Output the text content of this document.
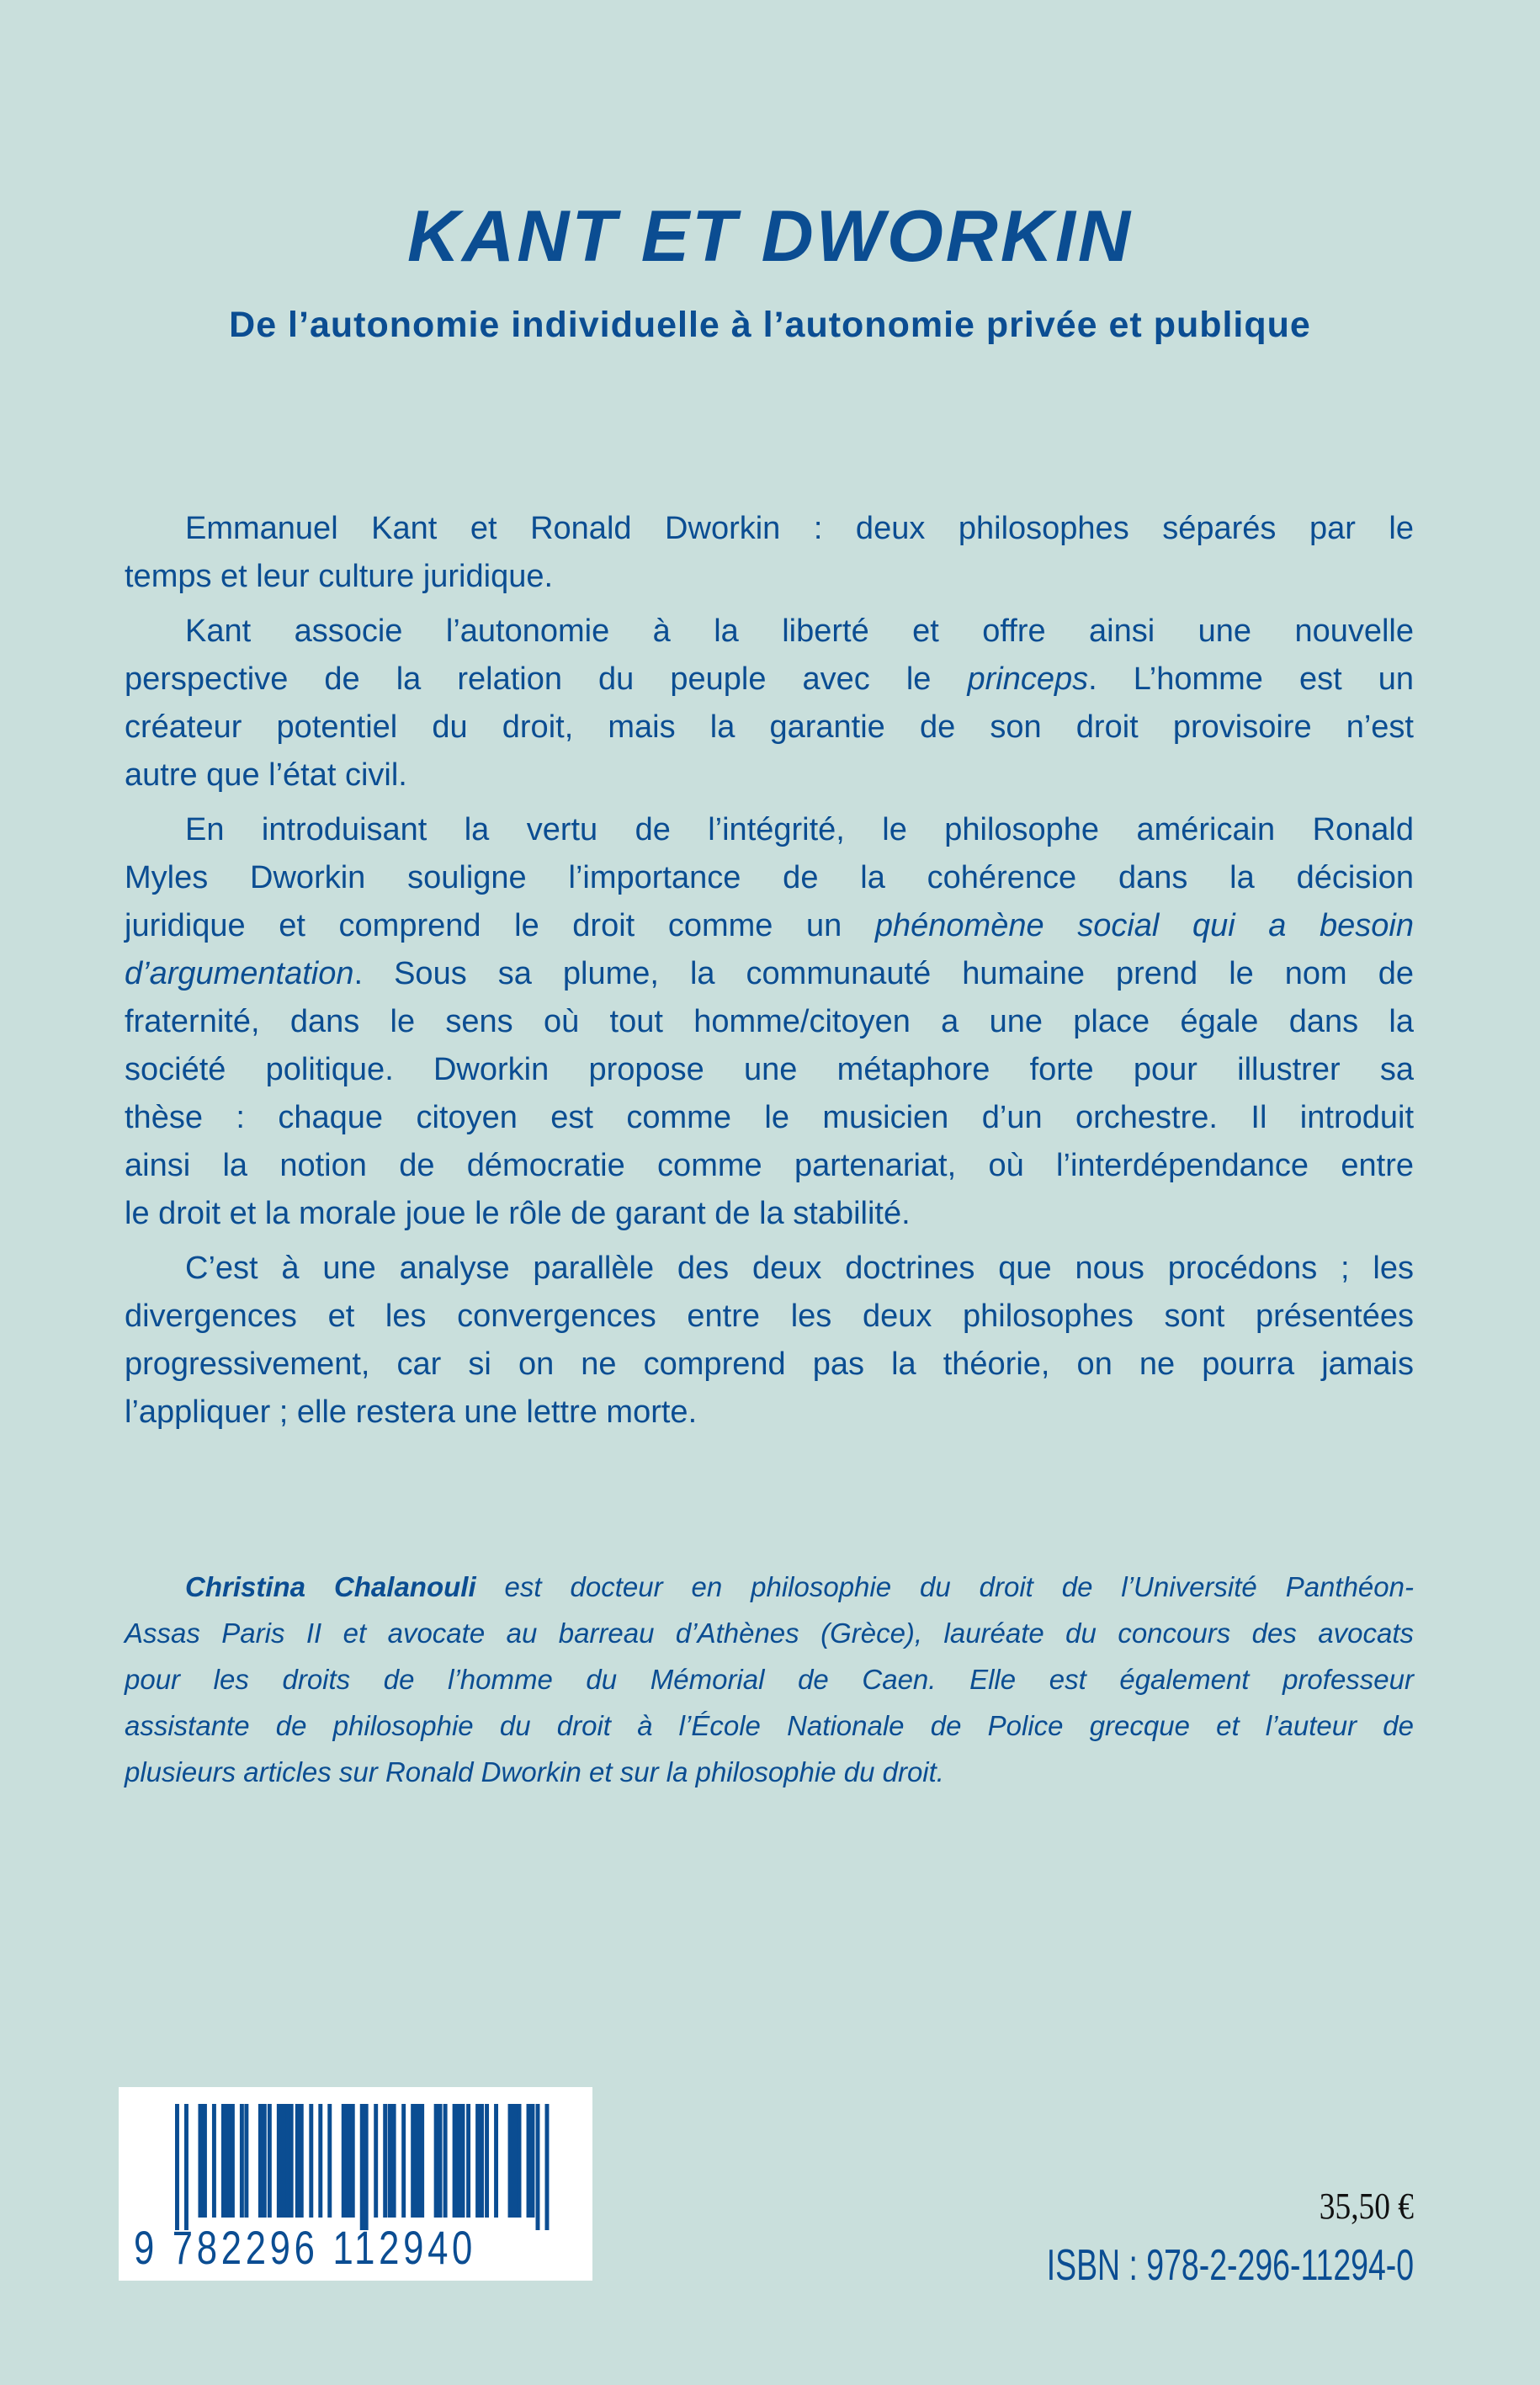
KANT ET DWORKIN
De l’autonomie individuelle à l’autonomie privée et publique
Emmanuel Kant et Ronald Dworkin : deux philosophes séparés par le
temps et leur culture juridique.
Kant associe l’autonomie à la liberté et offre ainsi une nouvelle
perspective de la relation du peuple avec le princeps. L’homme est un
créateur potentiel du droit, mais la garantie de son droit provisoire n’est
autre que l’état civil.
En introduisant la vertu de l’intégrité, le philosophe américain Ronald
Myles Dworkin souligne l’importance de la cohérence dans la décision
juridique et comprend le droit comme un phénomène social qui a besoin
d’argumentation. Sous sa plume, la communauté humaine prend le nom de
fraternité, dans le sens où tout homme/citoyen a une place égale dans la
société politique. Dworkin propose une métaphore forte pour illustrer sa
thèse : chaque citoyen est comme le musicien d’un orchestre. Il introduit
ainsi la notion de démocratie comme partenariat, où l’interdépendance entre
le droit et la morale joue le rôle de garant de la stabilité.
C’est à une analyse parallèle des deux doctrines que nous procédons ; les
divergences et les convergences entre les deux philosophes sont présentées
progressivement, car si on ne comprend pas la théorie, on ne pourra jamais
l’appliquer ; elle restera une lettre morte.
Christina Chalanouli est docteur en philosophie du droit de l’Université Panthéon-
Assas Paris II et avocate au barreau d’Athènes (Grèce), lauréate du concours des avocats
pour les droits de l’homme du Mémorial de Caen. Elle est également professeur
assistante de philosophie du droit à l’École Nationale de Police grecque et l’auteur de
plusieurs articles sur Ronald Dworkin et sur la philosophie du droit.
9 782296 112940
35,50 €
ISBN : 978-2-296-11294-0
